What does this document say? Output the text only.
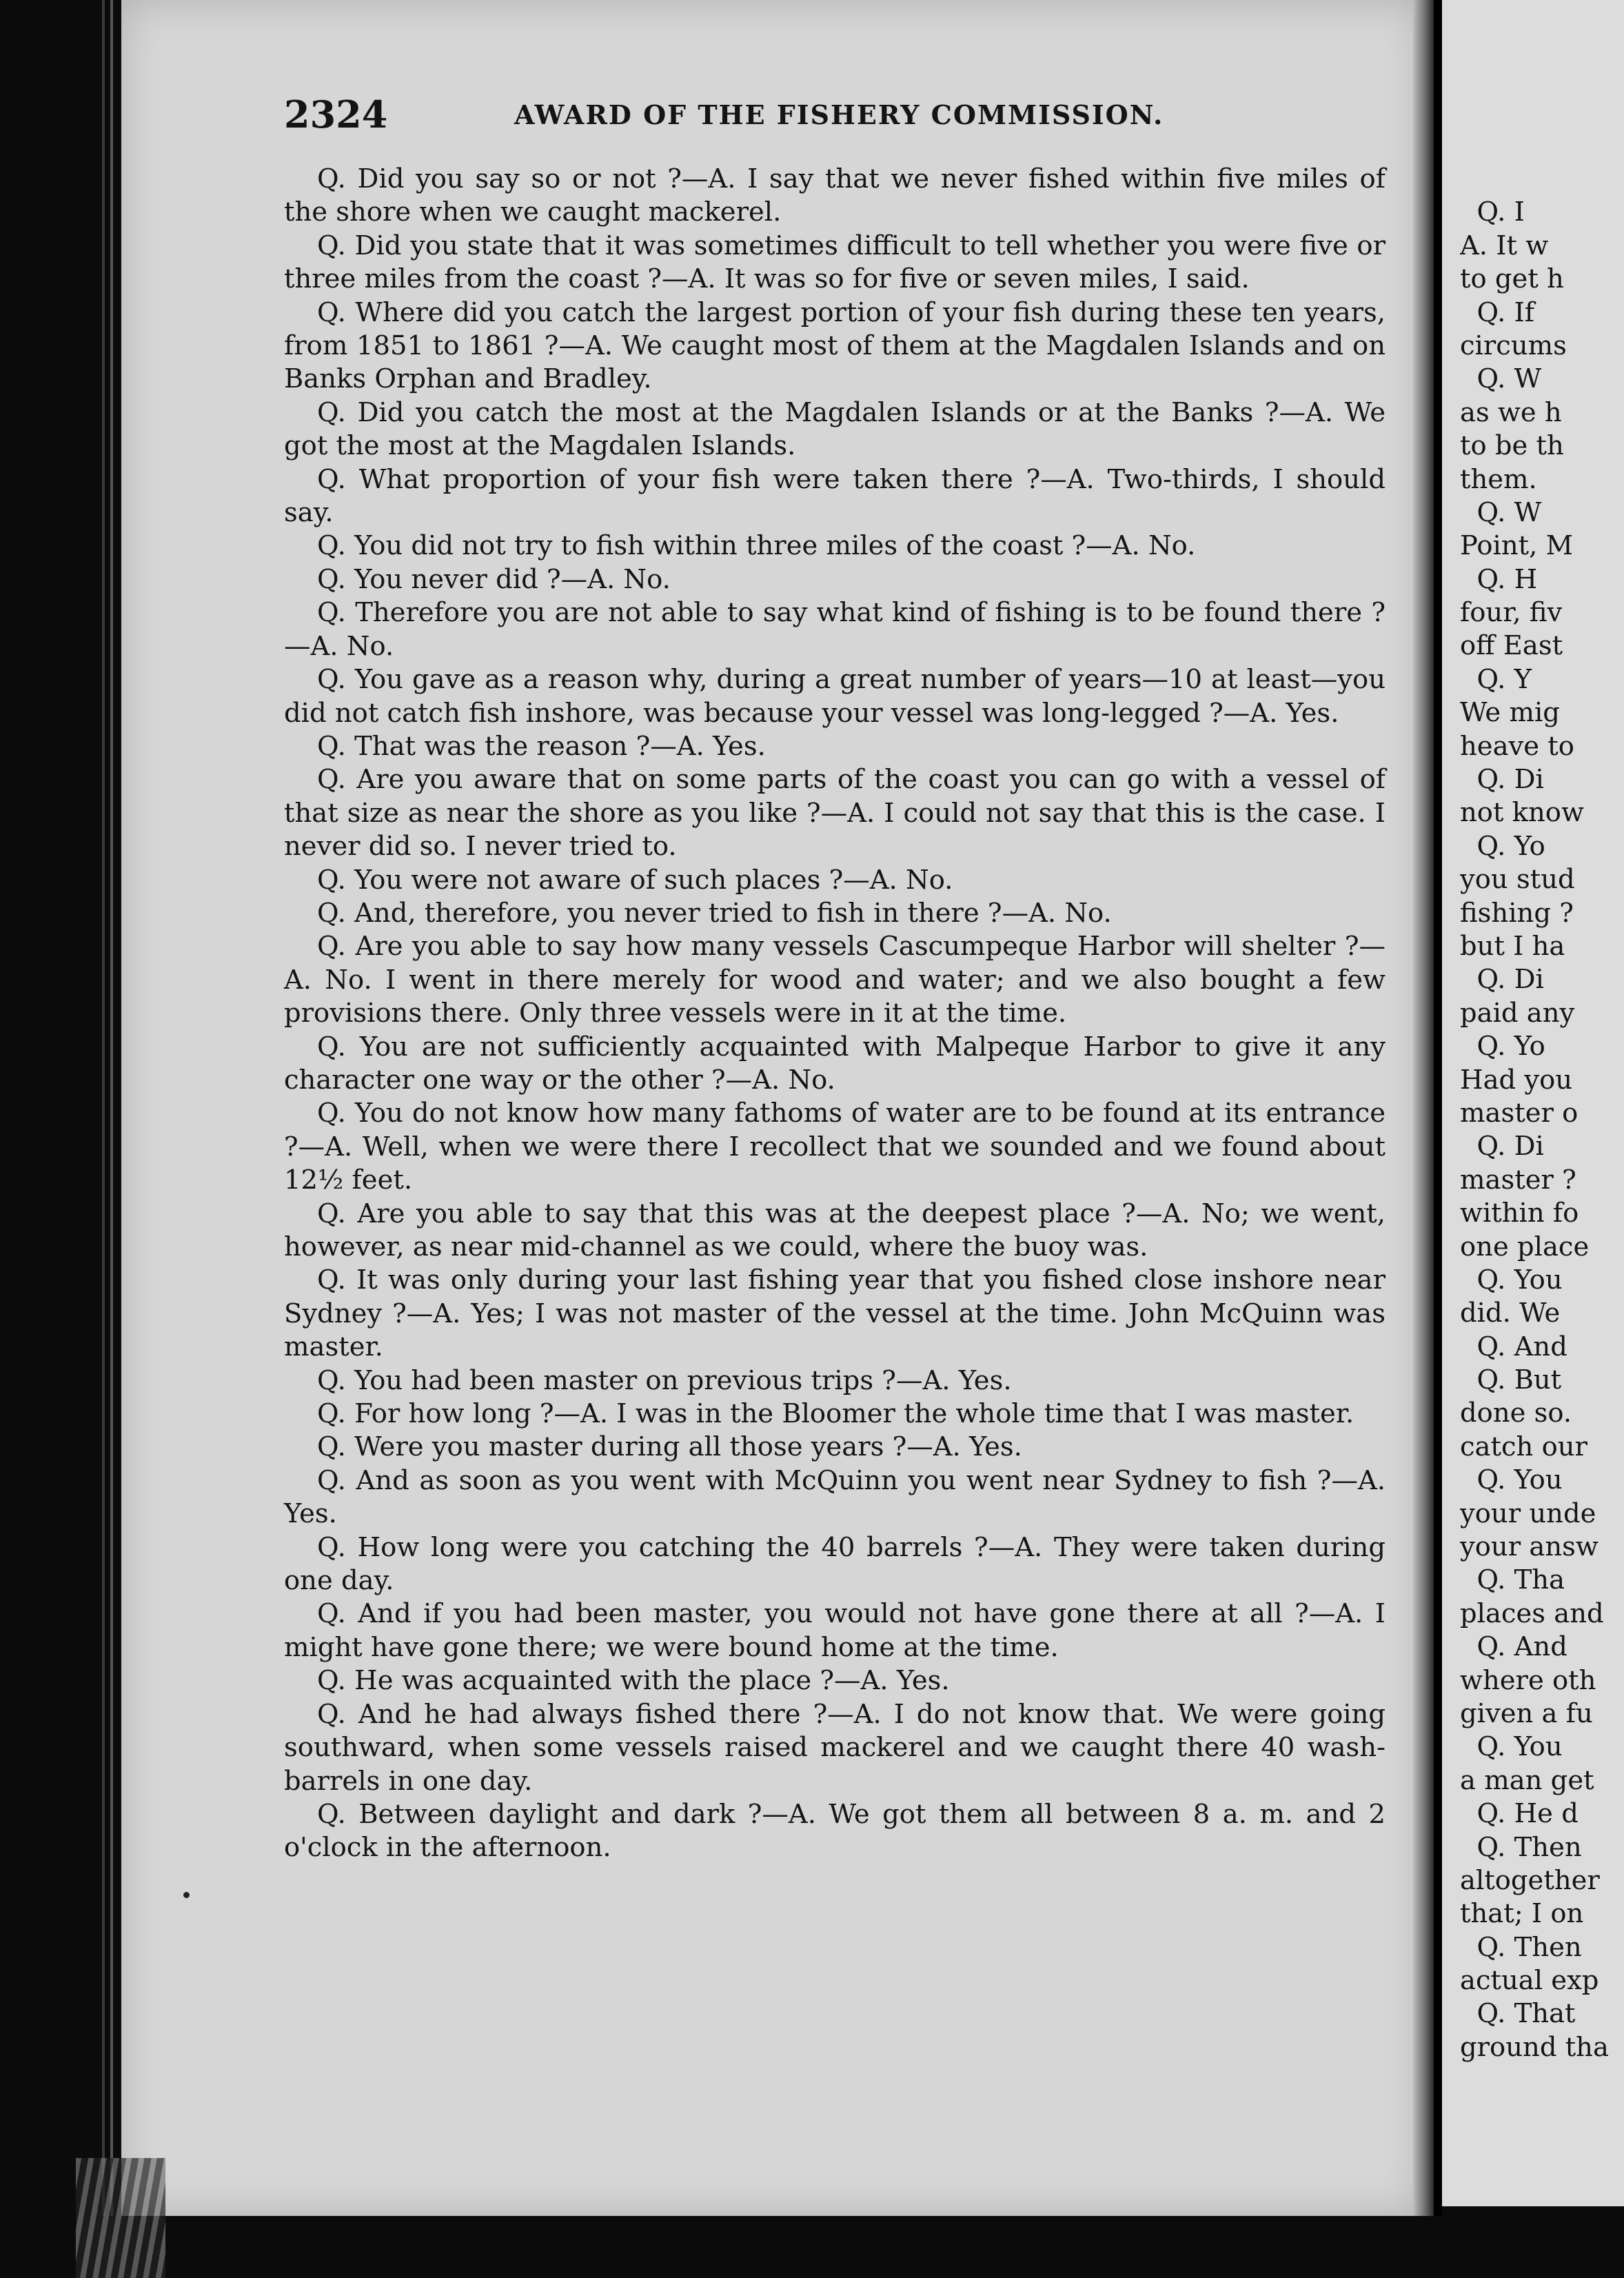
2324	AWARD OF THE FISHERY COMMISSION.

Q. Did you say so or not ?—A. I say that we never fished within five miles of the shore when we caught mackerel.

Q. Did you state that it was sometimes difficult to tell whether you were five or three miles from the coast ?—A. It was so for five or seven miles, I said.

Q. Where did you catch the largest portion of your fish during these ten years, from 1851 to 1861 ?—A. We caught most of them at the Magdalen Islands and on Banks Orphan and Bradley.

Q. Did you catch the most at the Magdalen Islands or at the Banks ?—A. We got the most at the Magdalen Islands.

Q. What proportion of your fish were taken there ?—A. Two-thirds, I should say.

Q. You did not try to fish within three miles of the coast ?—A. No.

Q. You never did ?—A. No.

Q. Therefore you are not able to say what kind of fishing is to be found there ?—A. No.

Q. You gave as a reason why, during a great number of years—10 at least—you did not catch fish inshore, was because your vessel was long-legged ?—A. Yes.

Q. That was the reason ?—A. Yes.

Q. Are you aware that on some parts of the coast you can go with a vessel of that size as near the shore as you like ?—A. I could not say that this is the case. I never did so. I never tried to.

Q. You were not aware of such places ?—A. No.

Q. And, therefore, you never tried to fish in there ?—A. No.

Q. Are you able to say how many vessels Cascumpeque Harbor will shelter ?—A. No. I went in there merely for wood and water; and we also bought a few provisions there. Only three vessels were in it at the time.

Q. You are not sufficiently acquainted with Malpeque Harbor to give it any character one way or the other ?—A. No.

Q. You do not know how many fathoms of water are to be found at its entrance ?—A. Well, when we were there I recollect that we sounded and we found about 12½ feet.

Q. Are you able to say that this was at the deepest place ?—A. No; we went, however, as near mid-channel as we could, where the buoy was.

Q. It was only during your last fishing year that you fished close inshore near Sydney ?—A. Yes; I was not master of the vessel at the time. John McQuinn was master.

Q. You had been master on previous trips ?—A. Yes.

Q. For how long ?—A. I was in the Bloomer the whole time that I was master.

Q. Were you master during all those years ?—A. Yes.

Q. And as soon as you went with McQuinn you went near Sydney to fish ?—A. Yes.

Q. How long were you catching the 40 barrels ?—A. They were taken during one day.

Q. And if you had been master, you would not have gone there at all ?—A. I might have gone there; we were bound home at the time.

Q. He was acquainted with the place ?—A. Yes.

Q. And he had always fished there ?—A. I do not know that. We were going southward, when some vessels raised mackerel and we caught there 40 wash-barrels in one day.

Q. Between daylight and dark ?—A. We got them all between 8 a. m. and 2 o'clock in the afternoon.

Q. I
A. It w
to get h
Q. If
circums
Q. W
as we h
to be th
them.
Q. W
Point, M
Q. H
four, fiv
off East
Q. Y
We mig
heave to
Q. Di
not know
Q. Yo
you stud
fishing ?
but I ha
Q. Di
paid any
Q. Yo
Had you
master o
Q. Di
master ?
within fo
one place
Q. You
did. We
Q. And
Q. But
done so.
catch our
Q. You
your unde
your answ
Q. Tha
places and
Q. And
where oth
given a fu
Q. You
a man get
Q. He d
Q. Then
altogether
that; I on
Q. Then
actual exp
Q. That
ground tha
